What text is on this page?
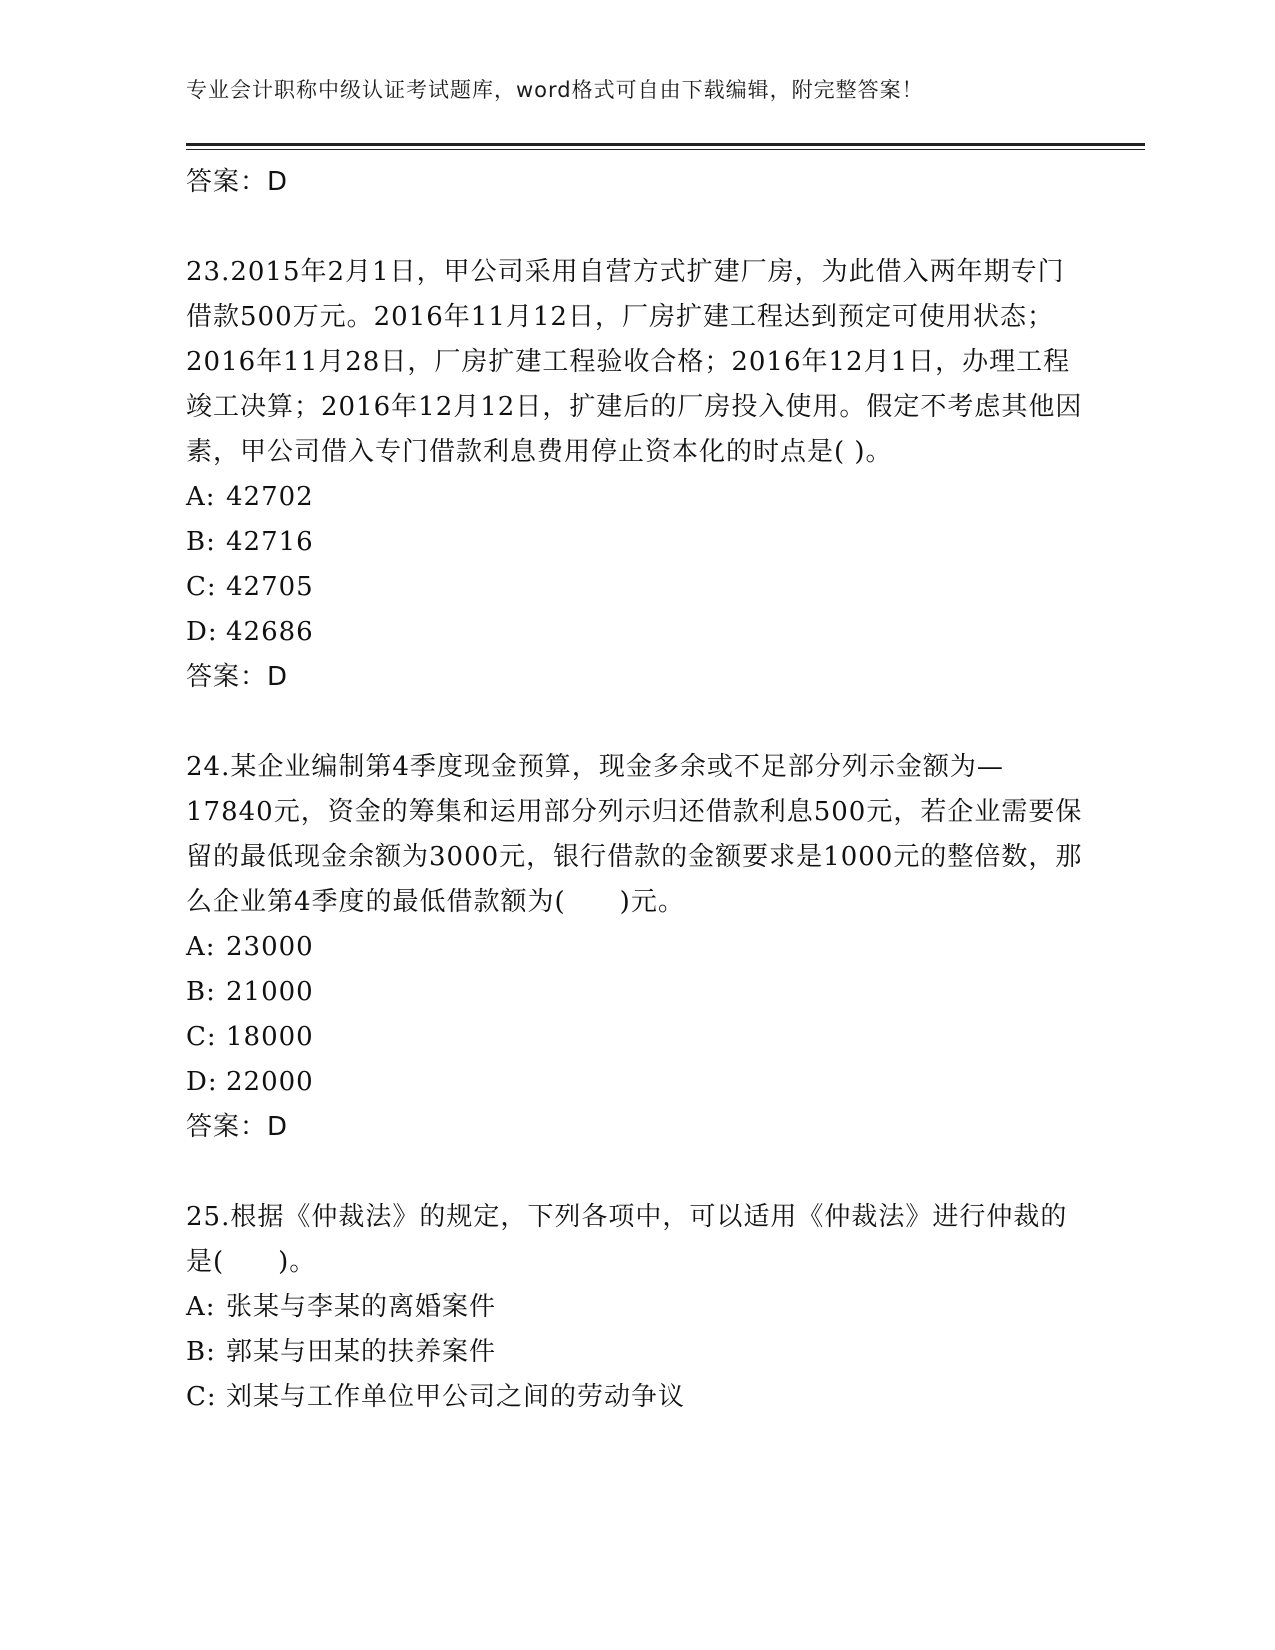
专业会计职称中级认证考试题库，word格式可自由下载编辑，附完整答案！
答案：D

23.2015年2月1日，甲公司采用自营方式扩建厂房，为此借入两年期专门借款500万元。2016年11月12日，厂房扩建工程达到预定可使用状态；2016年11月28日，厂房扩建工程验收合格；2016年12月1日，办理工程竣工决算；2016年12月12日，扩建后的厂房投入使用。假定不考虑其他因素，甲公司借入专门借款利息费用停止资本化的时点是( )。

A: 42702
B: 42716
C: 42705
D: 42686
答案：D

24.某企业编制第4季度现金预算，现金多余或不足部分列示金额为—17840元，资金的筹集和运用部分列示归还借款利息500元，若企业需要保留的最低现金余额为3000元，银行借款的金额要求是1000元的整倍数，那么企业第4季度的最低借款额为(　　)元。

A: 23000
B: 21000
C: 18000
D: 22000
答案：D

25.根据《仲裁法》的规定，下列各项中，可以适用《仲裁法》进行仲裁的是(　　)。

A: 张某与李某的离婚案件
B: 郭某与田某的扶养案件
C: 刘某与工作单位甲公司之间的劳动争议
